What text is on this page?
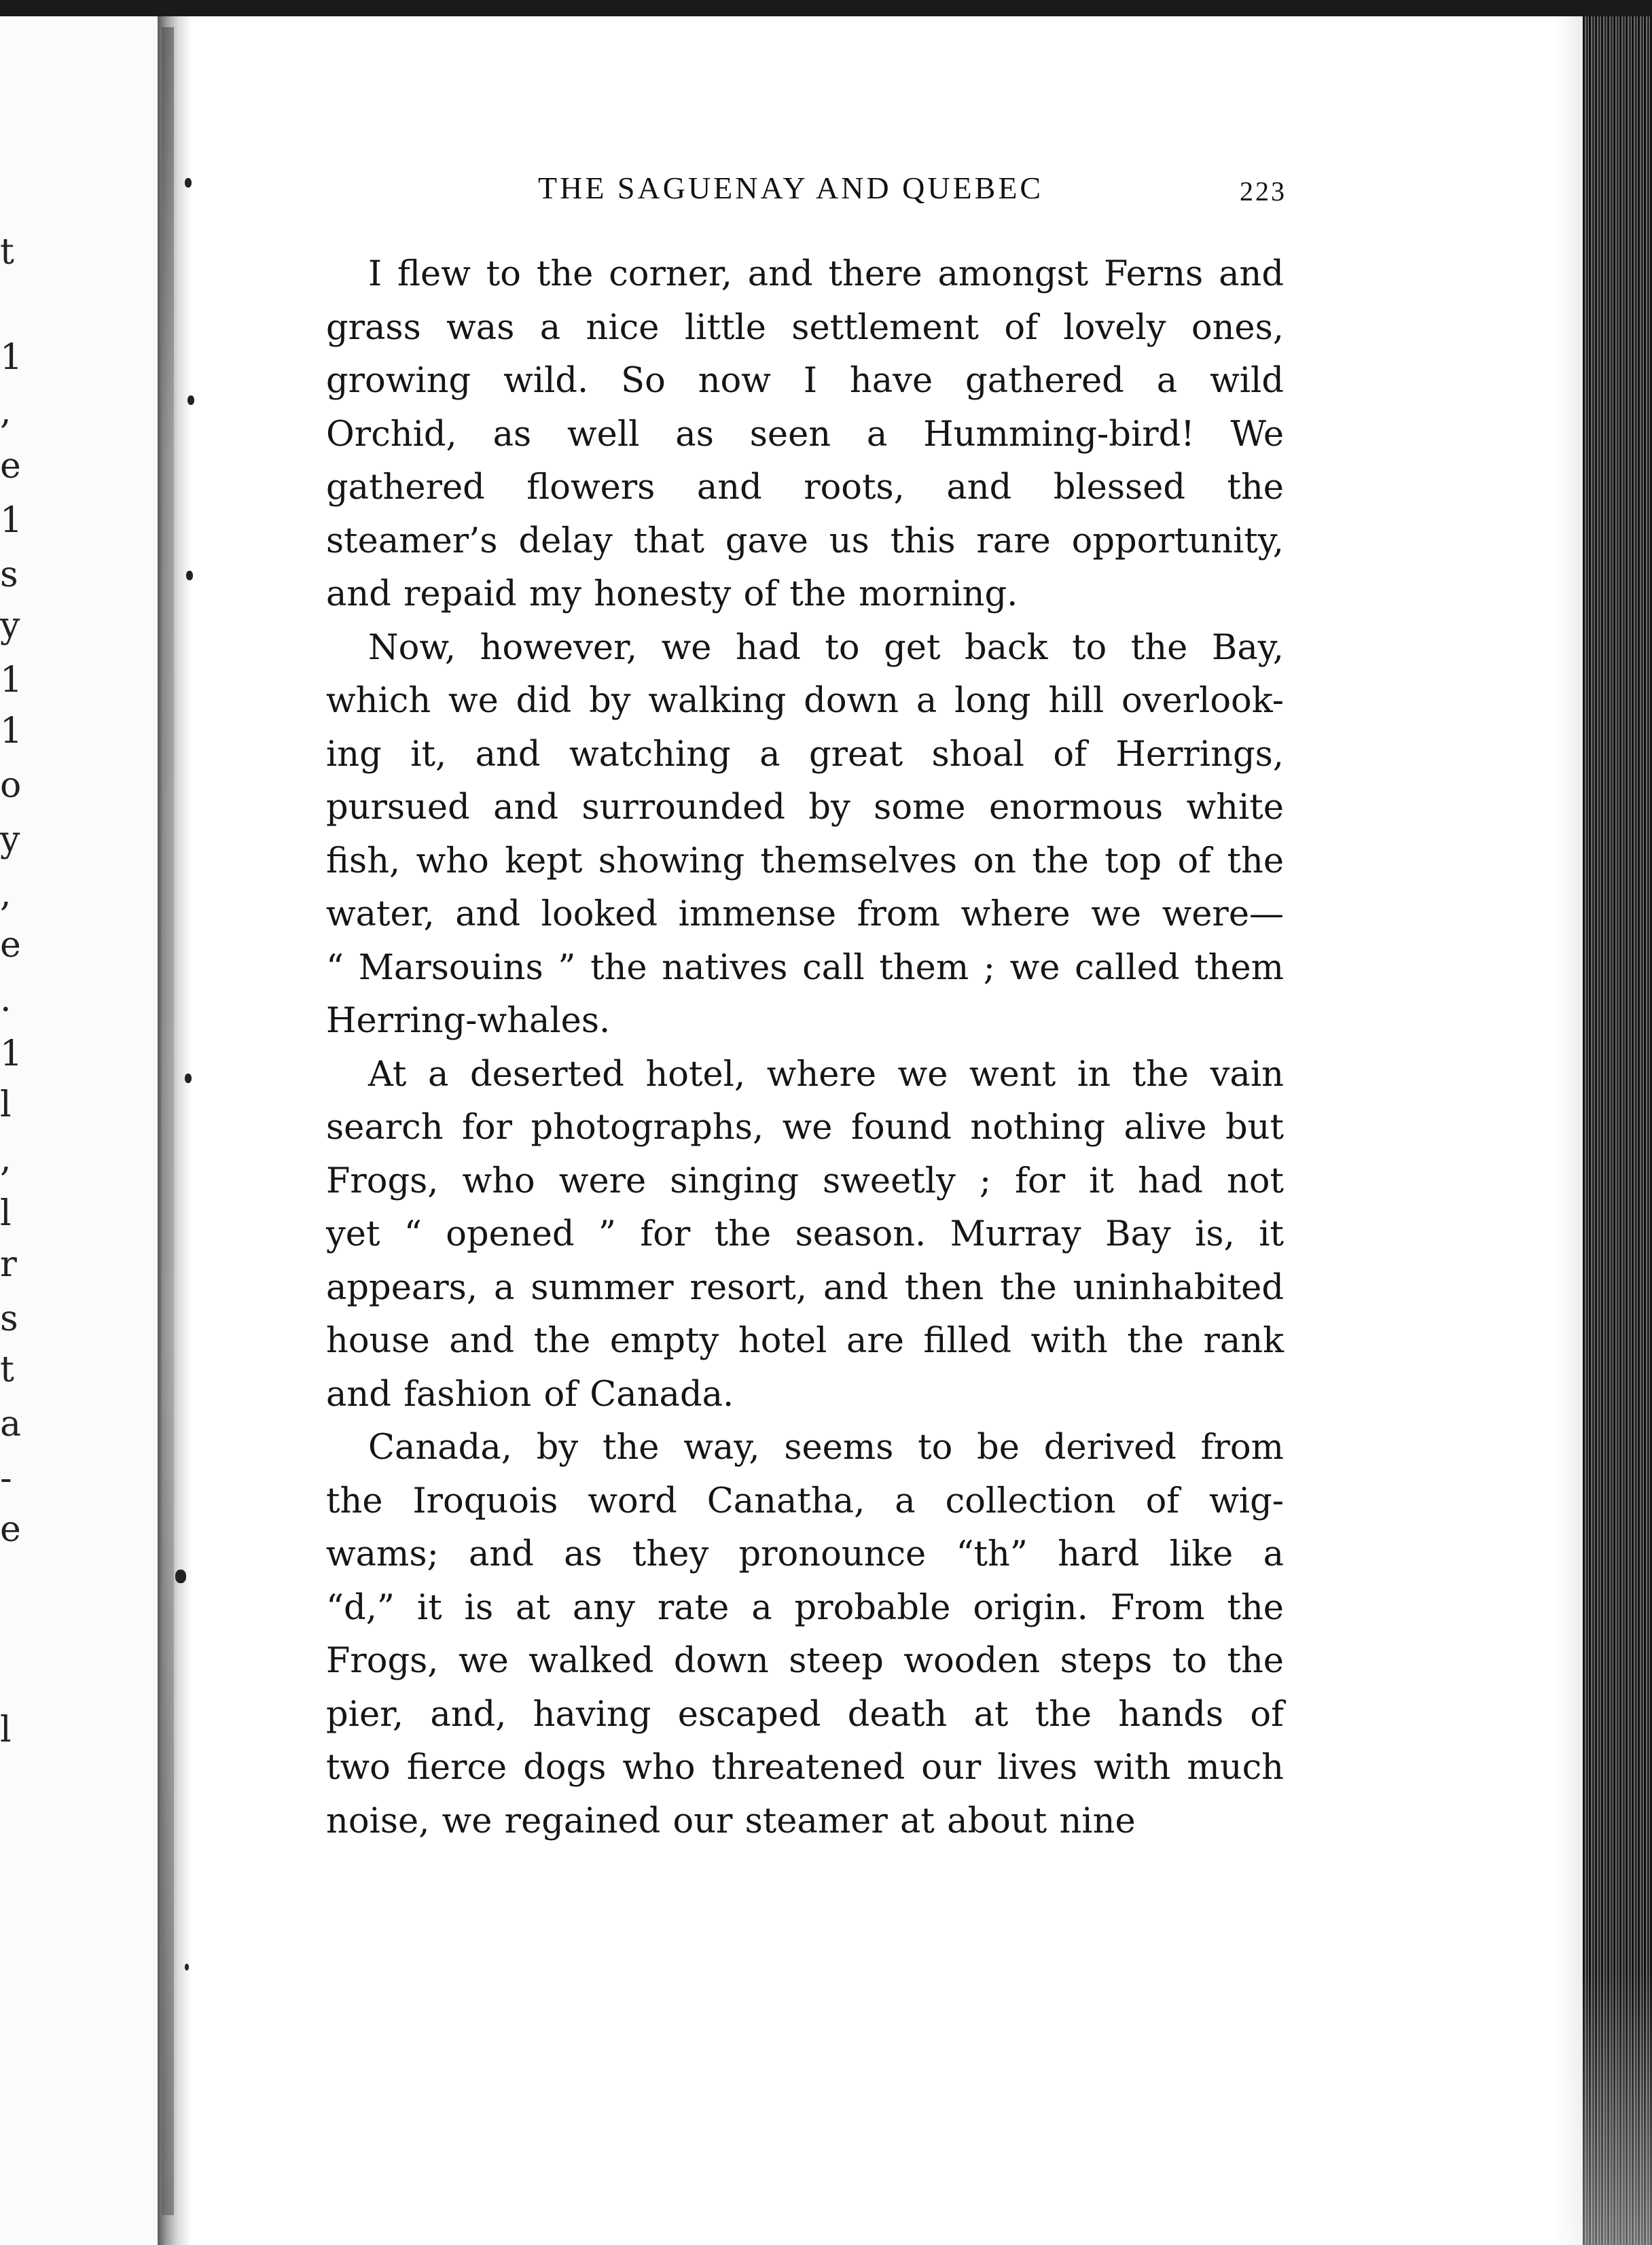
t
1
,
e
1
s
y
1
1
o
y
,
e
.
1
l
,
l
r
s
t
a
-
e
l
THE SAGUENAY AND QUEBEC	223
I flew to the corner, and there amongst Ferns and
grass was a nice little settlement of lovely ones,
growing wild. So now I have gathered a wild
Orchid, as well as seen a Humming-bird! We
gathered flowers and roots, and blessed the
steamer’s delay that gave us this rare opportunity,
and repaid my honesty of the morning.
Now, however, we had to get back to the Bay,
which we did by walking down a long hill overlook-
ing it, and watching a great shoal of Herrings,
pursued and surrounded by some enormous white
fish, who kept showing themselves on the top of the
water, and looked immense from where we were—
“ Marsouins ” the natives call them ; we called them
Herring-whales.
At a deserted hotel, where we went in the vain
search for photographs, we found nothing alive but
Frogs, who were singing sweetly ; for it had not
yet “ opened ” for the season. Murray Bay is, it
appears, a summer resort, and then the uninhabited
house and the empty hotel are filled with the rank
and fashion of Canada.
Canada, by the way, seems to be derived from
the Iroquois word Canatha, a collection of wig-
wams; and as they pronounce “th” hard like a
“d,” it is at any rate a probable origin. From the
Frogs, we walked down steep wooden steps to the
pier, and, having escaped death at the hands of
two fierce dogs who threatened our lives with much
noise, we regained our steamer at about nine
